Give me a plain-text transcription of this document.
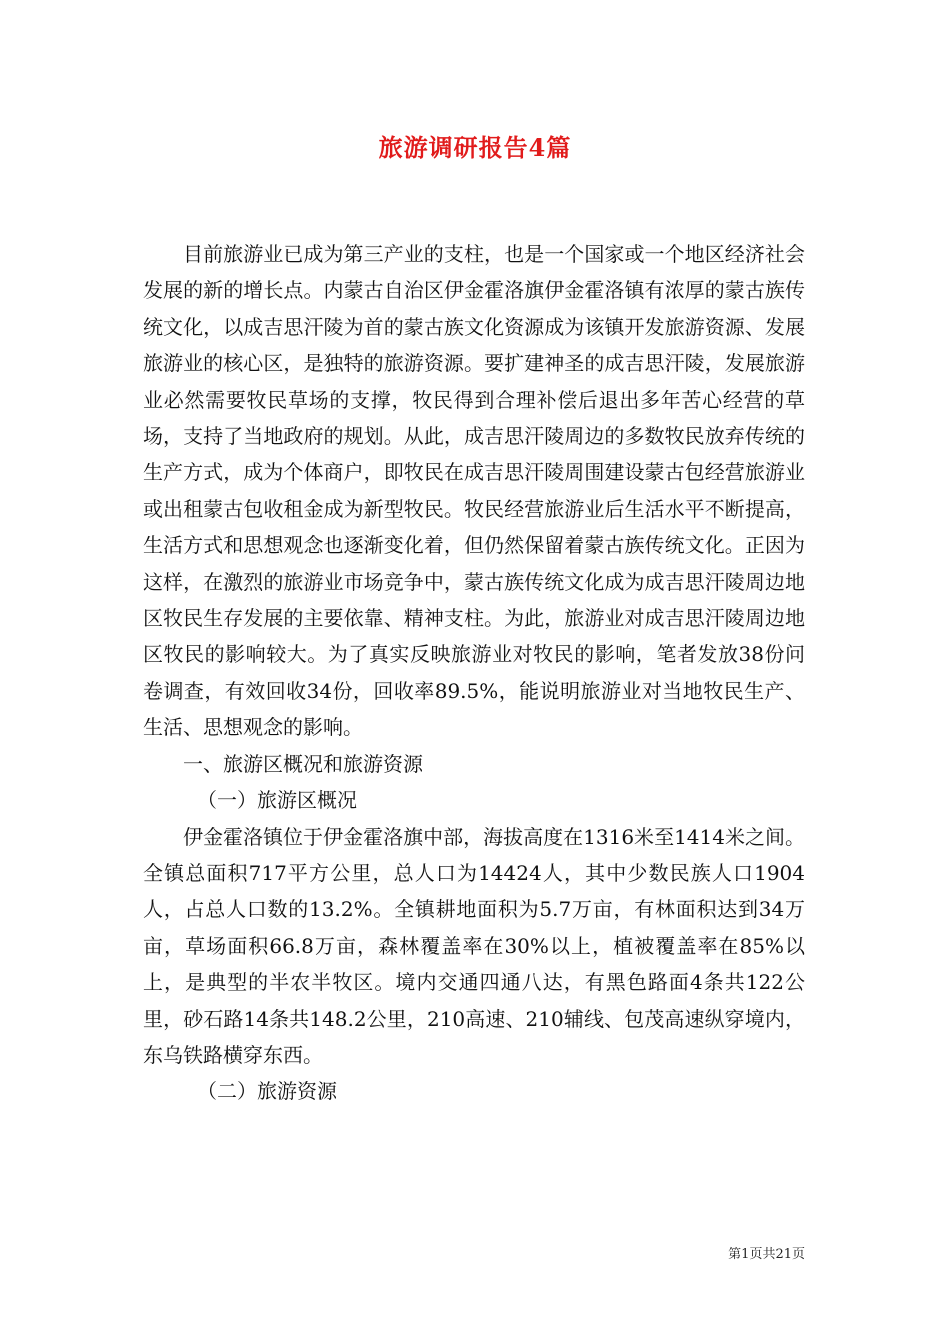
旅游调研报告4篇

目前旅游业已成为第三产业的支柱，也是一个国家或一个地区经济社会发展的新的增长点。内蒙古自治区伊金霍洛旗伊金霍洛镇有浓厚的蒙古族传统文化，以成吉思汗陵为首的蒙古族文化资源成为该镇开发旅游资源、发展旅游业的核心区，是独特的旅游资源。要扩建神圣的成吉思汗陵，发展旅游业必然需要牧民草场的支撑，牧民得到合理补偿后退出多年苦心经营的草场，支持了当地政府的规划。从此，成吉思汗陵周边的多数牧民放弃传统的生产方式，成为个体商户，即牧民在成吉思汗陵周围建设蒙古包经营旅游业或出租蒙古包收租金成为新型牧民。牧民经营旅游业后生活水平不断提高，生活方式和思想观念也逐渐变化着，但仍然保留着蒙古族传统文化。正因为这样，在激烈的旅游业市场竞争中，蒙古族传统文化成为成吉思汗陵周边地区牧民生存发展的主要依靠、精神支柱。为此，旅游业对成吉思汗陵周边地区牧民的影响较大。为了真实反映旅游业对牧民的影响，笔者发放38份问卷调查，有效回收34份，回收率89.5%，能说明旅游业对当地牧民生产、生活、思想观念的影响。

一、旅游区概况和旅游资源

（一）旅游区概况

伊金霍洛镇位于伊金霍洛旗中部，海拔高度在1316米至1414米之间。全镇总面积717平方公里，总人口为14424人，其中少数民族人口1904人，占总人口数的13.2%。全镇耕地面积为5.7万亩，有林面积达到34万亩，草场面积66.8万亩，森林覆盖率在30%以上，植被覆盖率在85%以上，是典型的半农半牧区。境内交通四通八达，有黑色路面4条共122公里，砂石路14条共148.2公里，210高速、210辅线、包茂高速纵穿境内，东乌铁路横穿东西。

（二）旅游资源

第1页共21页
